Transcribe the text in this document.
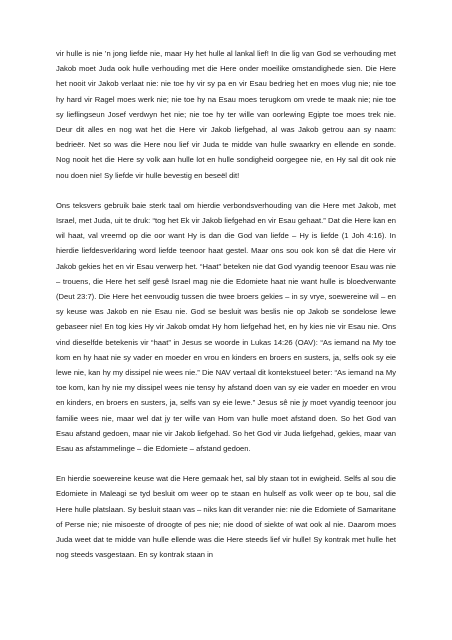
vir hulle is nie ’n jong liefde nie, maar Hy het hulle al lankal lief! In die lig van God se verhouding met Jakob moet Juda ook hulle verhouding met die Here onder moeilike omstandighede sien. Die Here het nooit vir Jakob verlaat nie: nie toe hy vir sy pa en vir Esau bedrieg het en moes vlug nie; nie toe hy hard vir Ragel moes werk nie; nie toe hy na Esau moes terugkom om vrede te maak nie; nie toe sy lieflingseun Josef verdwyn het nie; nie toe hy ter wille van oorlewing Egipte toe moes trek nie. Deur dit alles en nog wat het die Here vir Jakob liefgehad, al was Jakob getrou aan sy naam: bedrieër. Net so was die Here nou lief vir Juda te midde van hulle swaarkry en ellende en sonde. Nog nooit het die Here sy volk aan hulle lot en hulle sondigheid oorgegee nie, en Hy sal dit ook nie nou doen nie! Sy liefde vir hulle bevestig en beseël dit!

Ons teksvers gebruik baie sterk taal om hierdie verbondsverhouding van die Here met Jakob, met Israel, met Juda, uit te druk: “tog het Ek vir Jakob liefgehad en vir Esau gehaat.” Dat die Here kan en wil haat, val vreemd op die oor want Hy is dan die God van liefde – Hy is liefde (1 Joh 4:16). In hierdie liefdesverklaring word liefde teenoor haat gestel. Maar ons sou ook kon sê dat die Here vir Jakob gekies het en vir Esau verwerp het. “Haat” beteken nie dat God vyandig teenoor Esau was nie – trouens, die Here het self gesê Israel mag nie die Edomiete haat nie want hulle is bloedverwante (Deut 23:7). Die Here het eenvoudig tussen die twee broers gekies – in sy vrye, soewereine wil – en sy keuse was Jakob en nie Esau nie. God se besluit was beslis nie op Jakob se sondelose lewe gebaseer nie! En tog kies Hy vir Jakob omdat Hy hom liefgehad het, en hy kies nie vir Esau nie. Ons vind dieselfde betekenis vir “haat” in Jesus se woorde in Lukas 14:26 (OAV): “As iemand na My toe kom en hy haat nie sy vader en moeder en vrou en kinders en broers en susters, ja, selfs ook sy eie lewe nie, kan hy my dissipel nie wees nie.” Die NAV vertaal dit kontekstueel beter: “As iemand na My toe kom, kan hy nie my dissipel wees nie tensy hy afstand doen van sy eie vader en moeder en vrou en kinders, en broers en susters, ja, selfs van sy eie lewe.” Jesus sê nie jy moet vyandig teenoor jou familie wees nie, maar wel dat jy ter wille van Hom van hulle moet afstand doen. So het God van Esau afstand gedoen, maar nie vir Jakob liefgehad. So het God vir Juda liefgehad, gekies, maar van Esau as afstammelinge – die Edomiete – afstand gedoen.

En hierdie soewereine keuse wat die Here gemaak het, sal bly staan tot in ewigheid. Selfs al sou die Edomiete in Maleagi se tyd besluit om weer op te staan en hulself as volk weer op te bou, sal die Here hulle platslaan. Sy besluit staan vas – niks kan dit verander nie: nie die Edomiete of Samaritane of Perse nie; nie misoeste of droogte of pes nie; nie dood of siekte of wat ook al nie. Daarom moes Juda weet dat te midde van hulle ellende was die Here steeds lief vir hulle! Sy kontrak met hulle het nog steeds vasgestaan. En sy kontrak staan in
